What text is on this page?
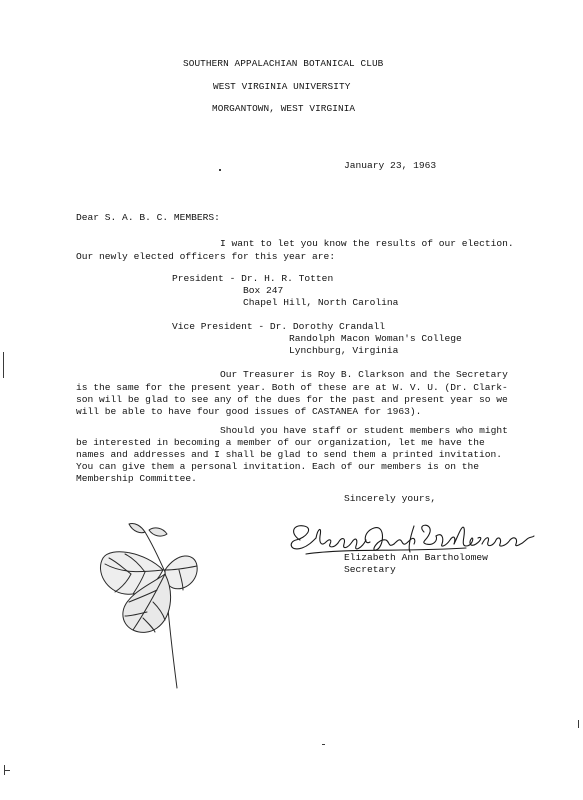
SOUTHERN APPALACHIAN BOTANICAL CLUB
WEST VIRGINIA UNIVERSITY
MORGANTOWN, WEST VIRGINIA
January 23, 1963
Dear S. A. B. C. MEMBERS:
I want to let you know the results of our election.
Our newly elected officers for this year are:
President - Dr. H. R. Totten
Box 247
Chapel Hill, North Carolina
Vice President - Dr. Dorothy Crandall
Randolph Macon Woman's College
Lynchburg, Virginia
Our Treasurer is Roy B. Clarkson and the Secretary
is the same for the present year. Both of these are at W. V. U. (Dr. Clark-
son will be glad to see any of the dues for the past and present year so we
will be able to have four good issues of CASTANEA for 1963).
Should you have staff or student members who might
be interested in becoming a member of our organization, let me have the
names and addresses and I shall be glad to send them a printed invitation.
You can give them a personal invitation. Each of our members is on the
Membership Committee.
Sincerely yours,
Elizabeth Ann Bartholomew
Secretary
